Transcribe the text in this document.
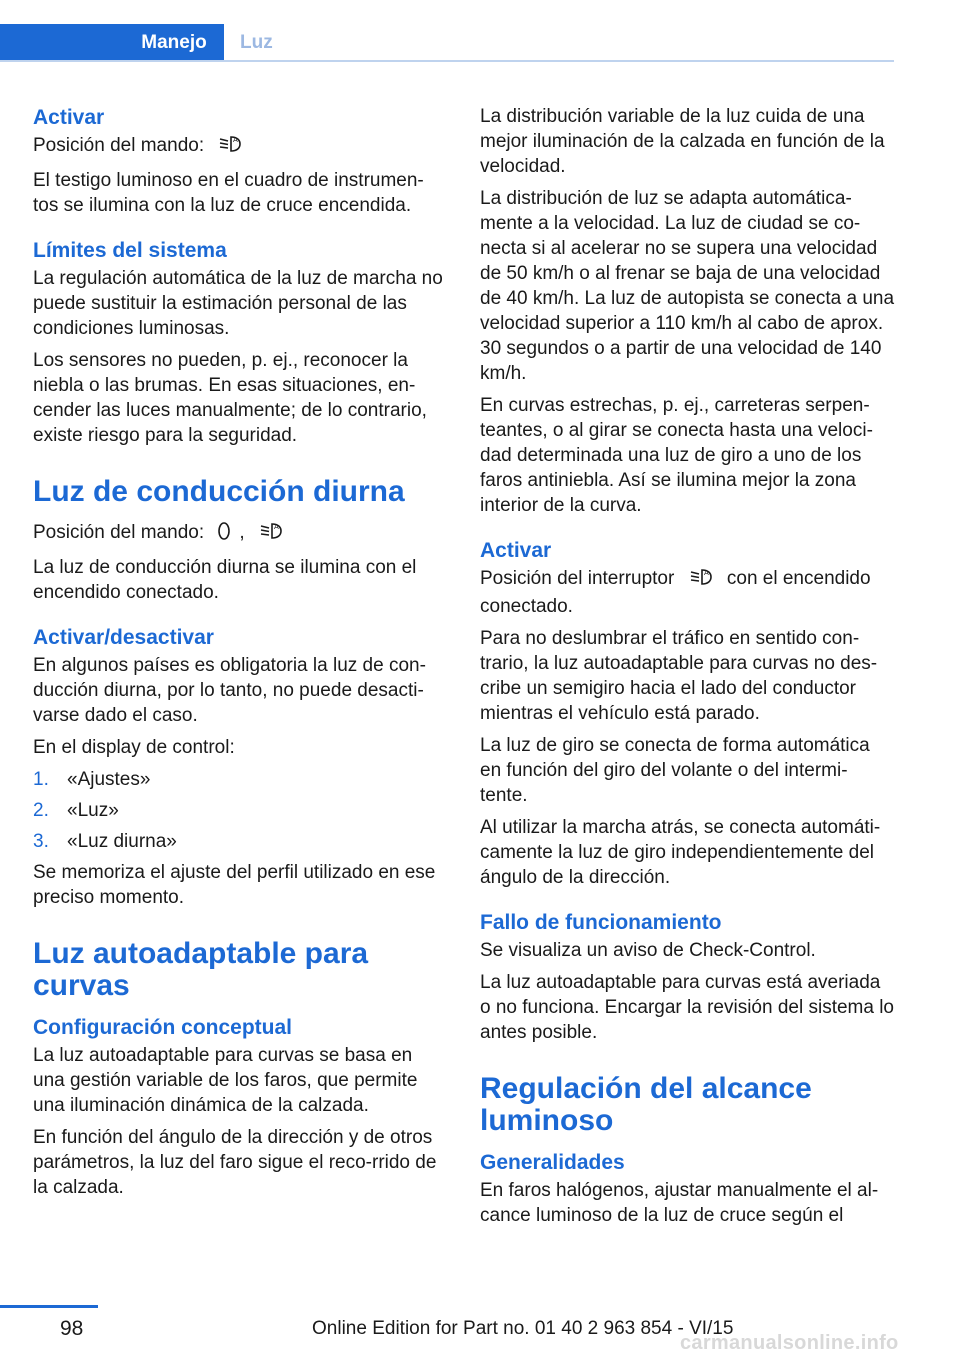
Manejo	Luz
Activar

Posición del mando:	A

El testigo luminoso en el cuadro de instrumen‐tos se ilumina con la luz de cruce encendida.

Límites del sistema

La regulación automática de la luz de marcha no puede sustituir la estimación personal de las condiciones luminosas.

Los sensores no pueden, p. ej., reconocer la niebla o las brumas. En esas situaciones, en‐cender las luces manualmente; de lo contrario, existe riesgo para la seguridad.

Luz de conducción diurna

Posición del mando: ,	A

La luz de conducción diurna se ilumina con el encendido conectado.

Activar/desactivar

En algunos países es obligatoria la luz de con‐ducción diurna, por lo tanto, no puede desacti‐varse dado el caso.

En el display de control:

1. «Ajustes»
2. «Luz»
3. «Luz diurna»

Se memoriza el ajuste del perfil utilizado en ese preciso momento.

Luz autoadaptable para curvas
Configuración conceptual

La luz autoadaptable para curvas se basa en una gestión variable de los faros, que permite una iluminación dinámica de la calzada.

En función del ángulo de la dirección y de otros parámetros, la luz del faro sigue el reco‐rrido de la calzada.

La distribución variable de la luz cuida de una mejor iluminación de la calzada en función de la velocidad.

La distribución de luz se adapta automática‐mente a la velocidad. La luz de ciudad se co‐necta si al acelerar no se supera una velocidad de 50 km/h o al frenar se baja de una velocidad de 40 km/h. La luz de autopista se conecta a una velocidad superior a 110 km/h al cabo de aprox. 30 segundos o a partir de una velocidad de 140 km/h.

En curvas estrechas, p. ej., carreteras serpen‐teantes, o al girar se conecta hasta una veloci‐dad determinada una luz de giro a uno de los faros antiniebla. Así se ilumina mejor la zona interior de la curva.

Activar

Posición del interruptor	A con el encendido conectado.

Para no deslumbrar el tráfico en sentido con‐trario, la luz autoadaptable para curvas no des‐cribe un semigiro hacia el lado del conductor mientras el vehículo está parado.

La luz de giro se conecta de forma automática en función del giro del volante o del intermi‐tente.

Al utilizar la marcha atrás, se conecta automáti‐camente la luz de giro independientemente del ángulo de la dirección.

Fallo de funcionamiento

Se visualiza un aviso de Check-Control.

La luz autoadaptable para curvas está averiada o no funciona. Encargar la revisión del sistema lo antes posible.

Regulación del alcance luminoso
Generalidades

En faros halógenos, ajustar manualmente el al‐cance luminoso de la luz de cruce según el

98	Online Edition for Part no. 01 40 2 963 854 - VI/15
carmanualsonline.info
